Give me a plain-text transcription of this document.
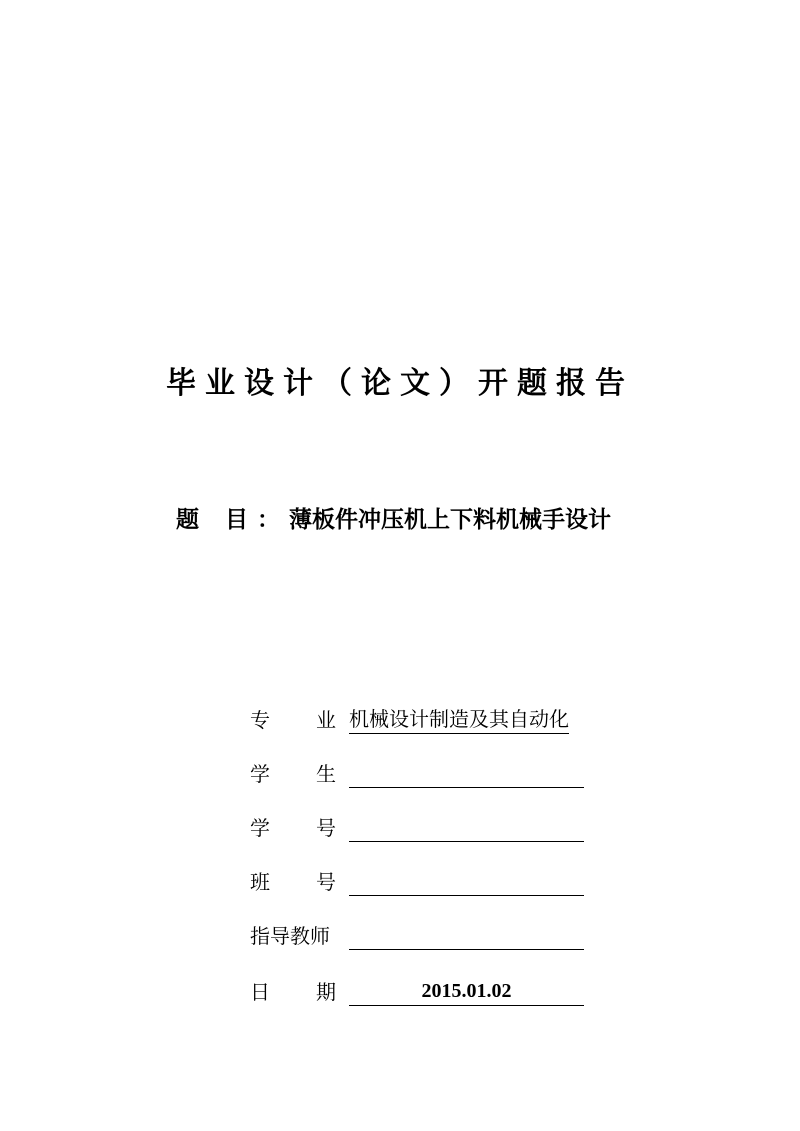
毕业设计（论文）开题报告
题 目：薄板件冲压机上下料机械手设计
专 业 机械设计制造及其自动化
学 生
学 号
班 号
指导教师
日 期	2015.01.02
